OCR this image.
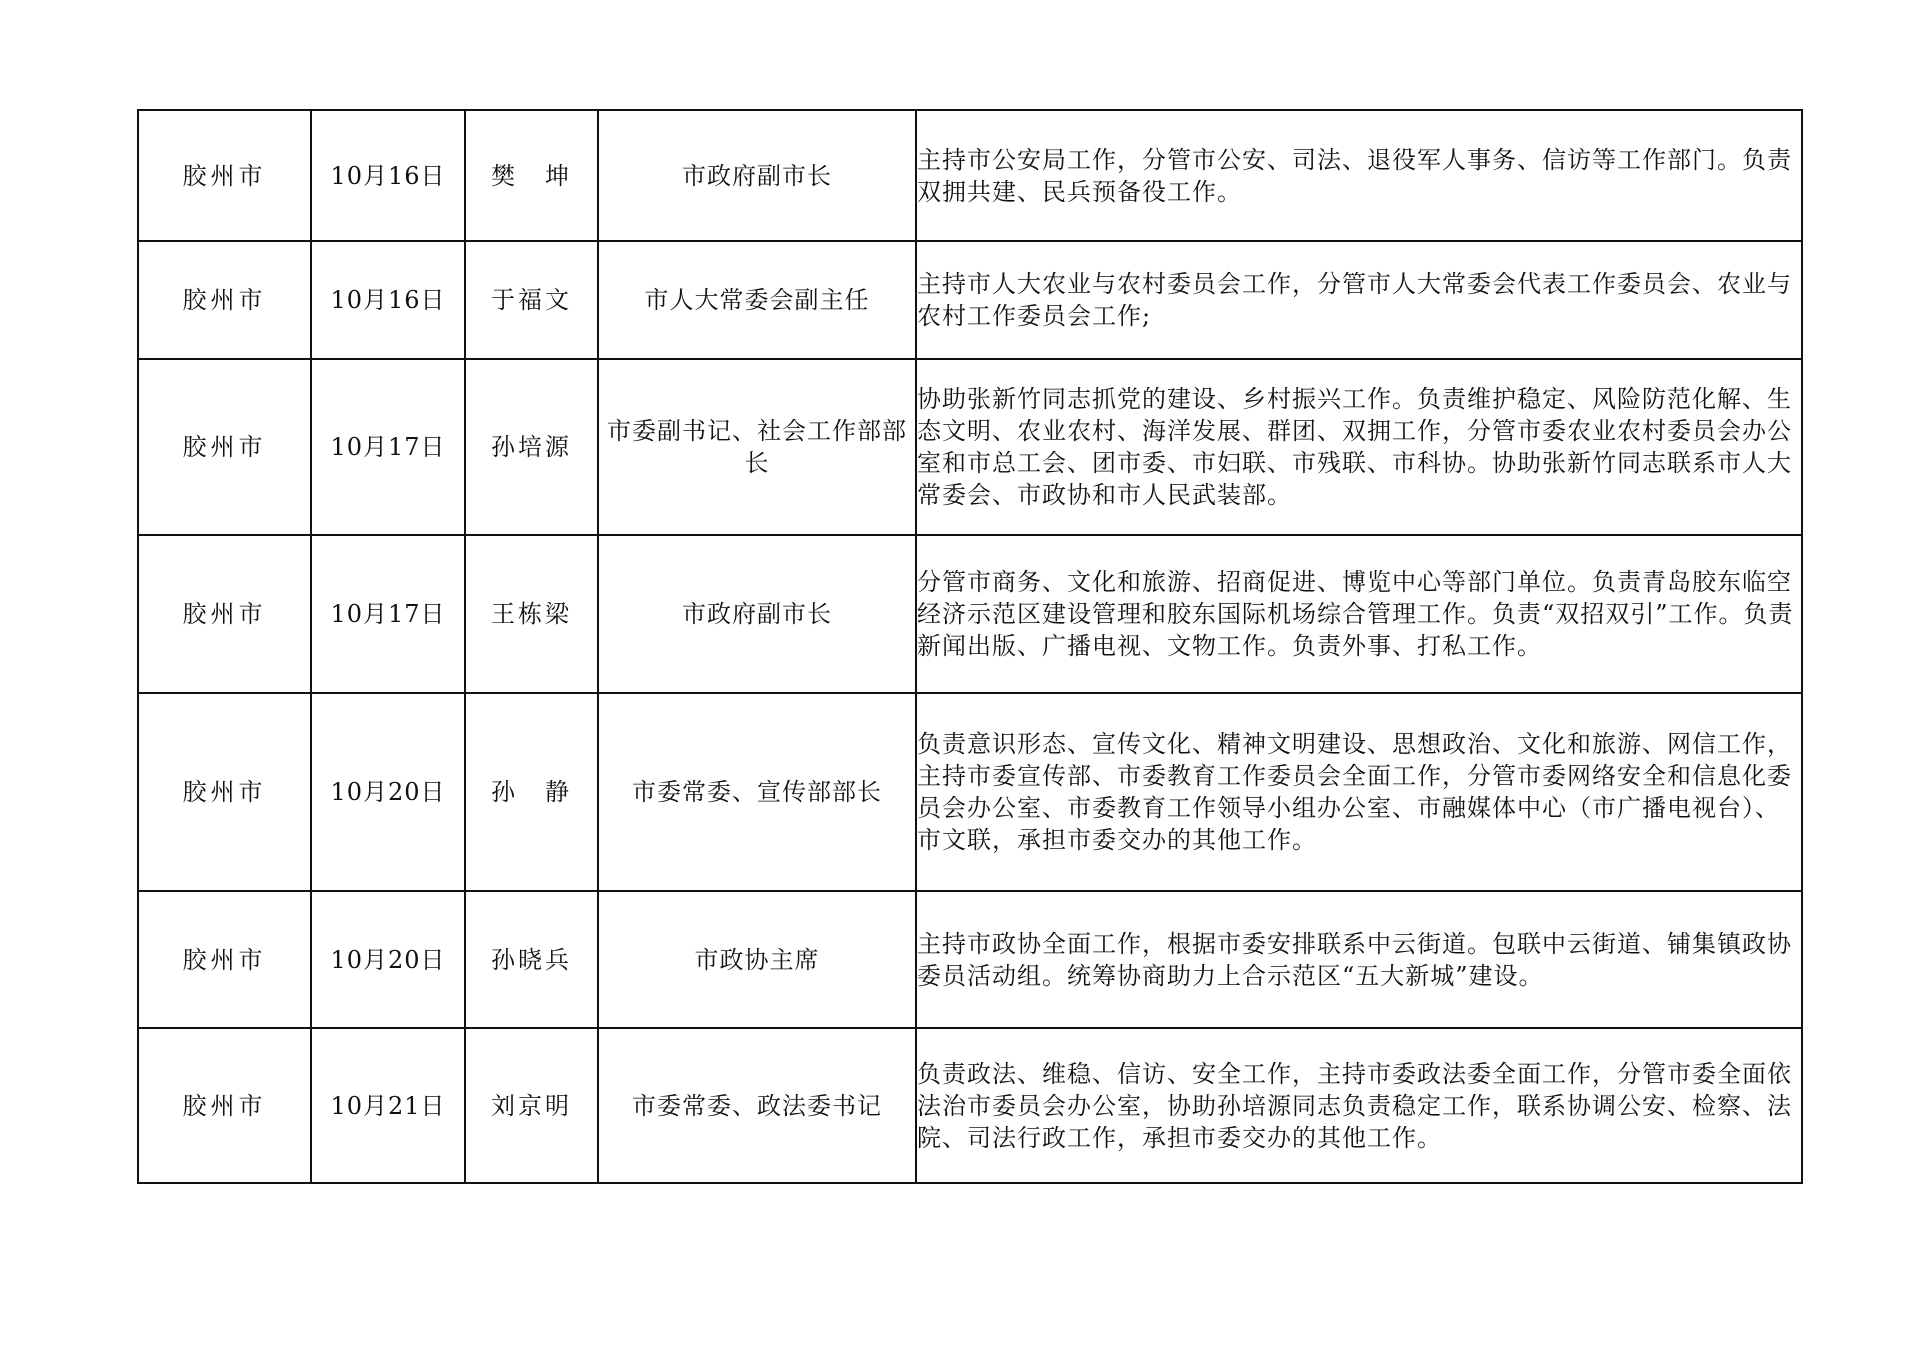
胶州市	10月16日	樊　坤	市政府副市长	主持市公安局工作，分管市公安、司法、退役军人事务、信访等工作部门。负责双拥共建、民兵预备役工作。
胶州市	10月16日	于福文	市人大常委会副主任	主持市人大农业与农村委员会工作，分管市人大常委会代表工作委员会、农业与农村工作委员会工作;
胶州市	10月17日	孙培源	市委副书记、社会工作部部长	协助张新竹同志抓党的建设、乡村振兴工作。负责维护稳定、风险防范化解、生态文明、农业农村、海洋发展、群团、双拥工作，分管市委农业农村委员会办公室和市总工会、团市委、市妇联、市残联、市科协。协助张新竹同志联系市人大常委会、市政协和市人民武装部。
胶州市	10月17日	王栋梁	市政府副市长	分管市商务、文化和旅游、招商促进、博览中心等部门单位。负责青岛胶东临空经济示范区建设管理和胶东国际机场综合管理工作。负责“双招双引”工作。负责新闻出版、广播电视、文物工作。负责外事、打私工作。
胶州市	10月20日	孙　静	市委常委、宣传部部长	负责意识形态、宣传文化、精神文明建设、思想政治、文化和旅游、网信工作，主持市委宣传部、市委教育工作委员会全面工作，分管市委网络安全和信息化委员会办公室、市委教育工作领导小组办公室、市融媒体中心（市广播电视台）、市文联，承担市委交办的其他工作。
胶州市	10月20日	孙晓兵	市政协主席	主持市政协全面工作，根据市委安排联系中云街道。包联中云街道、铺集镇政协委员活动组。统筹协商助力上合示范区“五大新城”建设。
胶州市	10月21日	刘京明	市委常委、政法委书记	负责政法、维稳、信访、安全工作，主持市委政法委全面工作，分管市委全面依法治市委员会办公室，协助孙培源同志负责稳定工作，联系协调公安、检察、法院、司法行政工作，承担市委交办的其他工作。
